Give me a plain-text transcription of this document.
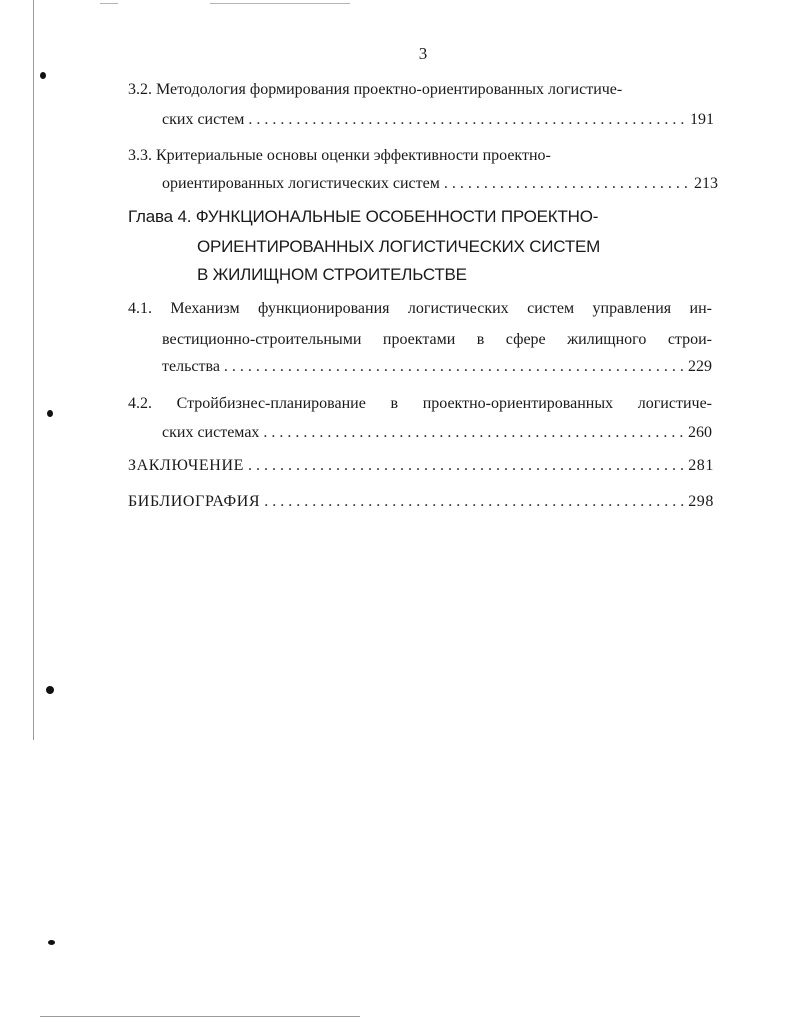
3
3.2. Методология формирования проектно-ориентированных логистиче-
ских систем . . .	191
3.3. Критериальные основы оценки эффективности проектно-
ориентированных логистических систем . . .	213
Глава 4. ФУНКЦИОНАЛЬНЫЕ ОСОБЕННОСТИ ПРОЕКТНО-
ОРИЕНТИРОВАННЫХ ЛОГИСТИЧЕСКИХ СИСТЕМ
В ЖИЛИЩНОМ СТРОИТЕЛЬСТВЕ
4.1. Механизм функционирования логистических систем управления ин-
вестиционно-строительными проектами в сфере жилищного строи-
тельства . . .	229
4.2. Стройбизнес-планирование в проектно-ориентированных логистиче-
ских системах . . .	260
ЗАКЛЮЧЕНИЕ . . .	281
БИБЛИОГРАФИЯ . . .	298
